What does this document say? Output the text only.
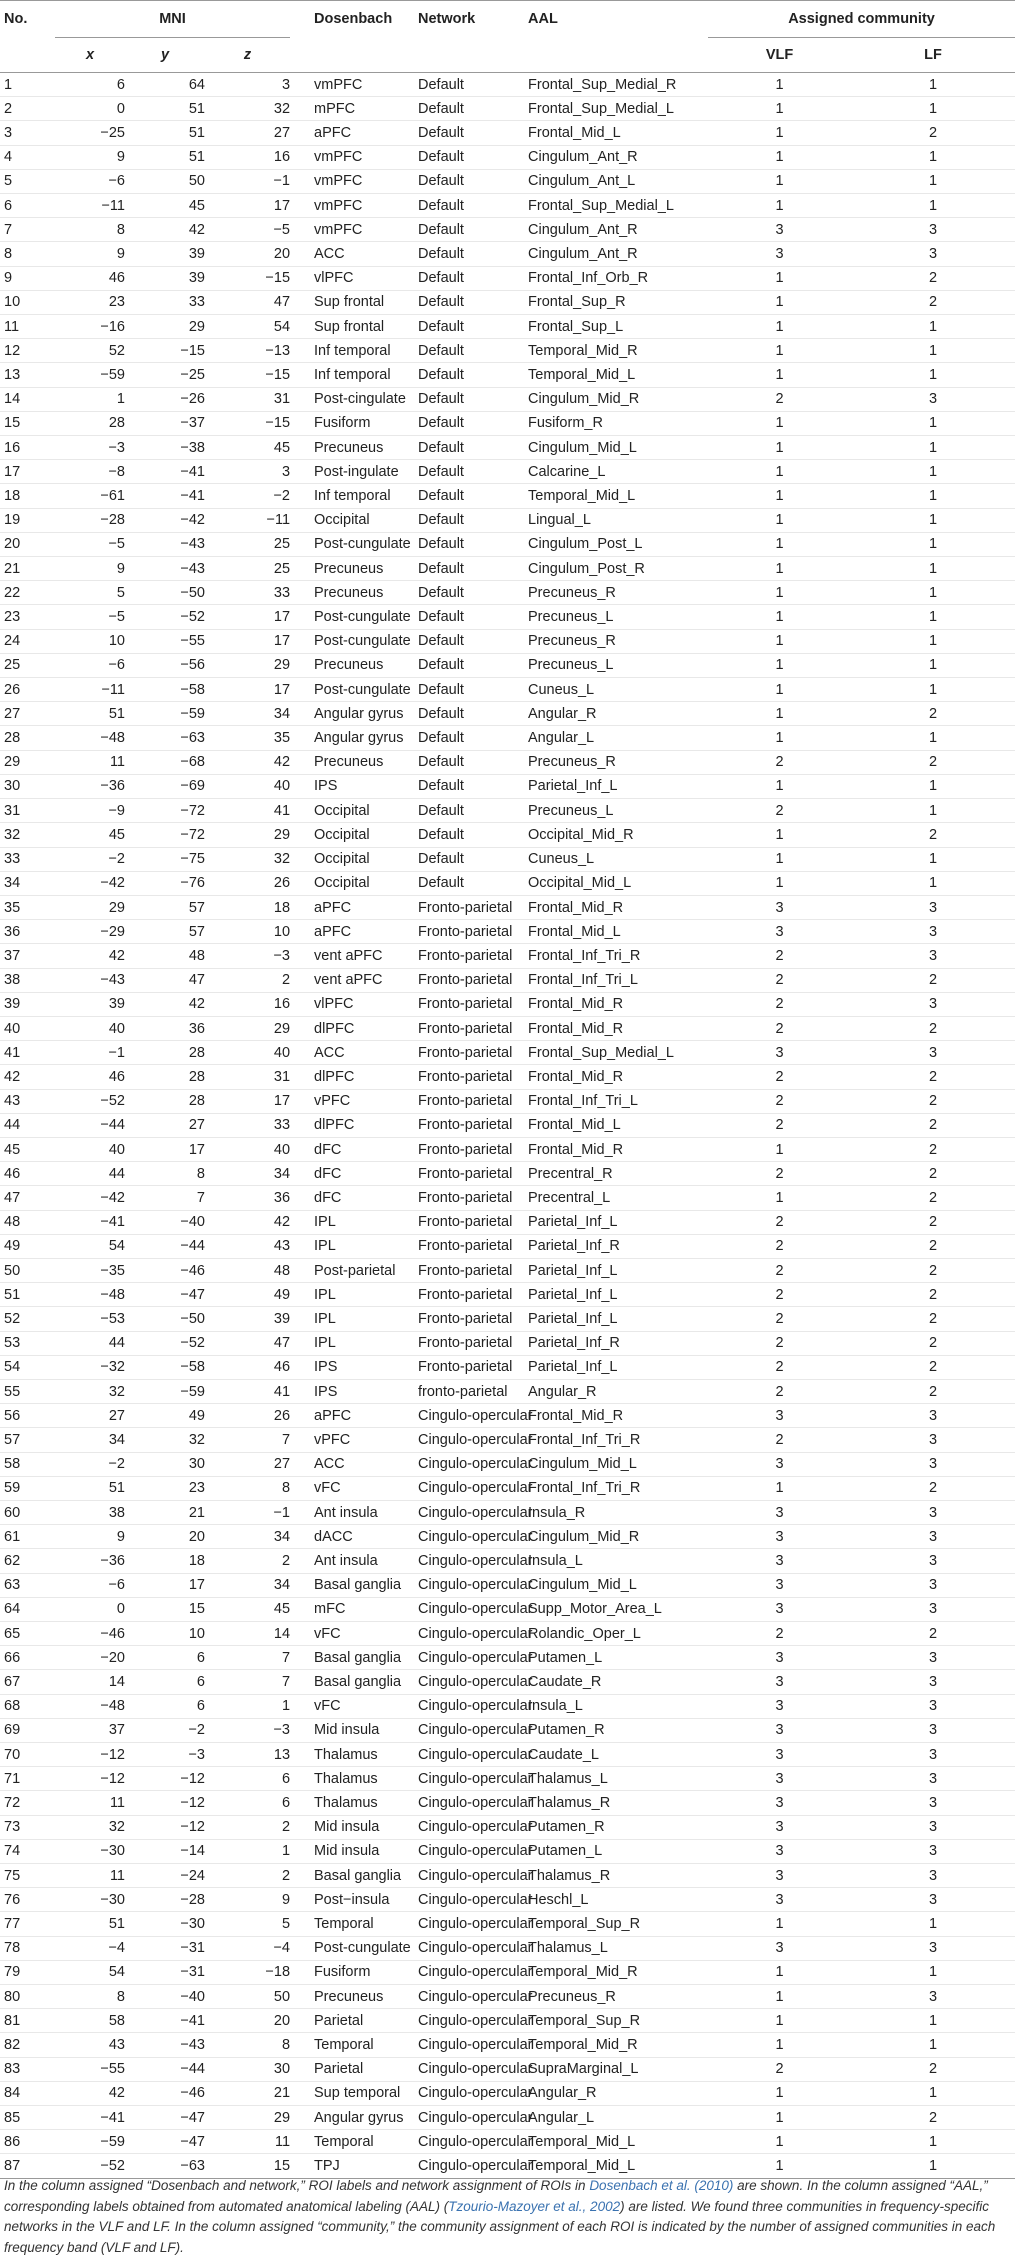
No.	MNI				Dosenbach	Network	AAL	Assigned community	
	x	y	z					VLF	LF
1	6	64	3		vmPFC	Default	Frontal_Sup_Medial_R	1	1
2	0	51	32		mPFC	Default	Frontal_Sup_Medial_L	1	1
3	−25	51	27		aPFC	Default	Frontal_Mid_L	1	2
4	9	51	16		vmPFC	Default	Cingulum_Ant_R	1	1
5	−6	50	−1		vmPFC	Default	Cingulum_Ant_L	1	1
6	−11	45	17		vmPFC	Default	Frontal_Sup_Medial_L	1	1
7	8	42	−5		vmPFC	Default	Cingulum_Ant_R	3	3
8	9	39	20		ACC	Default	Cingulum_Ant_R	3	3
9	46	39	−15		vlPFC	Default	Frontal_Inf_Orb_R	1	2
10	23	33	47		Sup frontal	Default	Frontal_Sup_R	1	2
11	−16	29	54		Sup frontal	Default	Frontal_Sup_L	1	1
12	52	−15	−13		Inf temporal	Default	Temporal_Mid_R	1	1
13	−59	−25	−15		Inf temporal	Default	Temporal_Mid_L	1	1
14	1	−26	31		Post-cingulate	Default	Cingulum_Mid_R	2	3
15	28	−37	−15		Fusiform	Default	Fusiform_R	1	1
16	−3	−38	45		Precuneus	Default	Cingulum_Mid_L	1	1
17	−8	−41	3		Post-ingulate	Default	Calcarine_L	1	1
18	−61	−41	−2		Inf temporal	Default	Temporal_Mid_L	1	1
19	−28	−42	−11		Occipital	Default	Lingual_L	1	1
20	−5	−43	25		Post-cungulate	Default	Cingulum_Post_L	1	1
21	9	−43	25		Precuneus	Default	Cingulum_Post_R	1	1
22	5	−50	33		Precuneus	Default	Precuneus_R	1	1
23	−5	−52	17		Post-cungulate	Default	Precuneus_L	1	1
24	10	−55	17		Post-cungulate	Default	Precuneus_R	1	1
25	−6	−56	29		Precuneus	Default	Precuneus_L	1	1
26	−11	−58	17		Post-cungulate	Default	Cuneus_L	1	1
27	51	−59	34		Angular gyrus	Default	Angular_R	1	2
28	−48	−63	35		Angular gyrus	Default	Angular_L	1	1
29	11	−68	42		Precuneus	Default	Precuneus_R	2	2
30	−36	−69	40		IPS	Default	Parietal_Inf_L	1	1
31	−9	−72	41		Occipital	Default	Precuneus_L	2	1
32	45	−72	29		Occipital	Default	Occipital_Mid_R	1	2
33	−2	−75	32		Occipital	Default	Cuneus_L	1	1
34	−42	−76	26		Occipital	Default	Occipital_Mid_L	1	1
35	29	57	18		aPFC	Fronto-parietal	Frontal_Mid_R	3	3
36	−29	57	10		aPFC	Fronto-parietal	Frontal_Mid_L	3	3
37	42	48	−3		vent aPFC	Fronto-parietal	Frontal_Inf_Tri_R	2	3
38	−43	47	2		vent aPFC	Fronto-parietal	Frontal_Inf_Tri_L	2	2
39	39	42	16		vlPFC	Fronto-parietal	Frontal_Mid_R	2	3
40	40	36	29		dlPFC	Fronto-parietal	Frontal_Mid_R	2	2
41	−1	28	40		ACC	Fronto-parietal	Frontal_Sup_Medial_L	3	3
42	46	28	31		dlPFC	Fronto-parietal	Frontal_Mid_R	2	2
43	−52	28	17		vPFC	Fronto-parietal	Frontal_Inf_Tri_L	2	2
44	−44	27	33		dlPFC	Fronto-parietal	Frontal_Mid_L	2	2
45	40	17	40		dFC	Fronto-parietal	Frontal_Mid_R	1	2
46	44	8	34		dFC	Fronto-parietal	Precentral_R	2	2
47	−42	7	36		dFC	Fronto-parietal	Precentral_L	1	2
48	−41	−40	42		IPL	Fronto-parietal	Parietal_Inf_L	2	2
49	54	−44	43		IPL	Fronto-parietal	Parietal_Inf_R	2	2
50	−35	−46	48		Post-parietal	Fronto-parietal	Parietal_Inf_L	2	2
51	−48	−47	49		IPL	Fronto-parietal	Parietal_Inf_L	2	2
52	−53	−50	39		IPL	Fronto-parietal	Parietal_Inf_L	2	2
53	44	−52	47		IPL	Fronto-parietal	Parietal_Inf_R	2	2
54	−32	−58	46		IPS	Fronto-parietal	Parietal_Inf_L	2	2
55	32	−59	41		IPS	fronto-parietal	Angular_R	2	2
56	27	49	26		aPFC	Cingulo-opercular	Frontal_Mid_R	3	3
57	34	32	7		vPFC	Cingulo-opercular	Frontal_Inf_Tri_R	2	3
58	−2	30	27		ACC	Cingulo-opercular	Cingulum_Mid_L	3	3
59	51	23	8		vFC	Cingulo-opercular	Frontal_Inf_Tri_R	1	2
60	38	21	−1		Ant insula	Cingulo-opercular	Insula_R	3	3
61	9	20	34		dACC	Cingulo-opercular	Cingulum_Mid_R	3	3
62	−36	18	2		Ant insula	Cingulo-opercular	Insula_L	3	3
63	−6	17	34		Basal ganglia	Cingulo-opercular	Cingulum_Mid_L	3	3
64	0	15	45		mFC	Cingulo-opercular	Supp_Motor_Area_L	3	3
65	−46	10	14		vFC	Cingulo-opercular	Rolandic_Oper_L	2	2
66	−20	6	7		Basal ganglia	Cingulo-opercular	Putamen_L	3	3
67	14	6	7		Basal ganglia	Cingulo-opercular	Caudate_R	3	3
68	−48	6	1		vFC	Cingulo-opercular	Insula_L	3	3
69	37	−2	−3		Mid insula	Cingulo-opercular	Putamen_R	3	3
70	−12	−3	13		Thalamus	Cingulo-opercular	Caudate_L	3	3
71	−12	−12	6		Thalamus	Cingulo-opercular	Thalamus_L	3	3
72	11	−12	6		Thalamus	Cingulo-opercular	Thalamus_R	3	3
73	32	−12	2		Mid insula	Cingulo-opercular	Putamen_R	3	3
74	−30	−14	1		Mid insula	Cingulo-opercular	Putamen_L	3	3
75	11	−24	2		Basal ganglia	Cingulo-opercular	Thalamus_R	3	3
76	−30	−28	9		Post−insula	Cingulo-opercular	Heschl_L	3	3
77	51	−30	5		Temporal	Cingulo-opercular	Temporal_Sup_R	1	1
78	−4	−31	−4		Post-cungulate	Cingulo-opercular	Thalamus_L	3	3
79	54	−31	−18		Fusiform	Cingulo-opercular	Temporal_Mid_R	1	1
80	8	−40	50		Precuneus	Cingulo-opercular	Precuneus_R	1	3
81	58	−41	20		Parietal	Cingulo-opercular	Temporal_Sup_R	1	1
82	43	−43	8		Temporal	Cingulo-opercular	Temporal_Mid_R	1	1
83	−55	−44	30		Parietal	Cingulo-opercular	SupraMarginal_L	2	2
84	42	−46	21		Sup temporal	Cingulo-opercular	Angular_R	1	1
85	−41	−47	29		Angular gyrus	Cingulo-opercular	Angular_L	1	2
86	−59	−47	11		Temporal	Cingulo-opercular	Temporal_Mid_L	1	1
87	−52	−63	15		TPJ	Cingulo-opercular	Temporal_Mid_L	1	1
In the column assigned “Dosenbach and network,” ROI labels and network assignment of ROIs in Dosenbach et al. (2010) are shown. In the column assigned “AAL,” corresponding labels obtained from automated anatomical labeling (AAL) (Tzourio-Mazoyer et al., 2002) are listed. We found three communities in frequency-specific networks in the VLF and LF. In the column assigned “community,” the community assignment of each ROI is indicated by the number of assigned communities in each frequency band (VLF and LF).
